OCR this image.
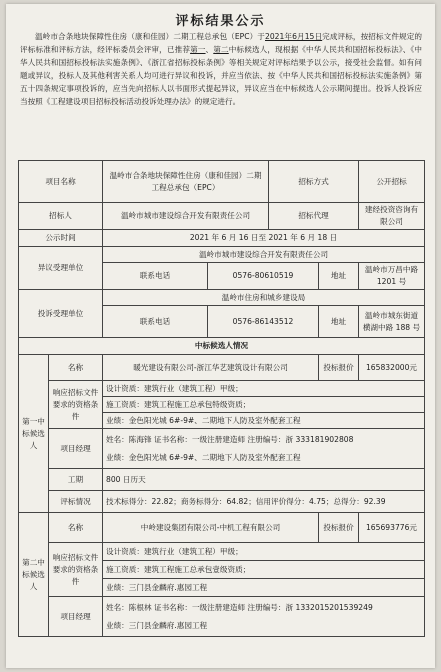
评标结果公示
温岭市合条地块保障性住房（康和佳园）二期工程总承包（EPC）于2021年6月15日完成评标，按招标文件规定的评标标准和评标方法，经评标委员会评审，已推荐第一、第二中标候选人，现根据《中华人民共和国招标投标法》、《中华人民共和国招标投标法实施条例》、《浙江省招标投标条例》等相关规定对评标结果予以公示，接受社会监督。如有问题或异议，投标人及其他利害关系人均可进行异议和投诉，并应当依法、按《中华人民共和国招标投标法实施条例》第五十四条规定事项投诉的，应当先向招标人以书面形式提起异议，异议应当在中标候选人公示期间提出。投诉人投诉应当按照《工程建设项目招标投标活动投诉处理办法》的规定进行。
项目名称		温岭市合条地块保障性住房（康和佳园）二期工程总承包（EPC）		招标方式		公开招标
招标人		温岭市城市建设综合开发有限责任公司		招标代理		建经投资咨询有限公司
公示时间		2021 年 6 月 16 日至 2021 年 6 月 18 日				
异议受理单位		温岭市城市建设综合开发有限责任公司				
		联系电话	0576-80610519		地址	温岭市万昌中路 1201 号
投诉受理单位		温岭市住房和城乡建设局				
		联系电话	0576-86143512		地址	温岭市城东街道横湖中路 188 号
中标候选人情况						
第一中标候选人	名称	暖光建设有限公司-浙江华艺建筑设计有限公司			投标报价	165832000元
	响应招标文件要求的资格条件	设计资质：建筑行业（建筑工程）甲级；				
		施工资质：建筑工程施工总承包特级资质；				
		业绩：金色阳光城 6#-9#、二期地下人防及室外配套工程				
	项目经理	姓名：陈海锋 证书名称：一级注册建造师 注册编号：浙 333181902808
业绩：金色阳光城 6#-9#、二期地下人防及室外配套工程				

	工期	800 日历天				
	评标情况	技术标得分：22.82；商务标得分：64.82；信用评价得分：4.75；总得分：92.39				
第二中标候选人	名称	中岭建设集团有限公司-中机工程有限公司			投标报价	165693776元
	响应招标文件要求的资格条件	设计资质：建筑行业（建筑工程）甲级；				
		施工资质：建筑工程施工总承包壹级资质；				
		业绩：三门县金麟府.惠园工程				
	项目经理	姓名：陈根林 证书名称：一级注册建造师 注册编号：浙 1332015201539249
业绩：三门县金麟府.惠园工程				
